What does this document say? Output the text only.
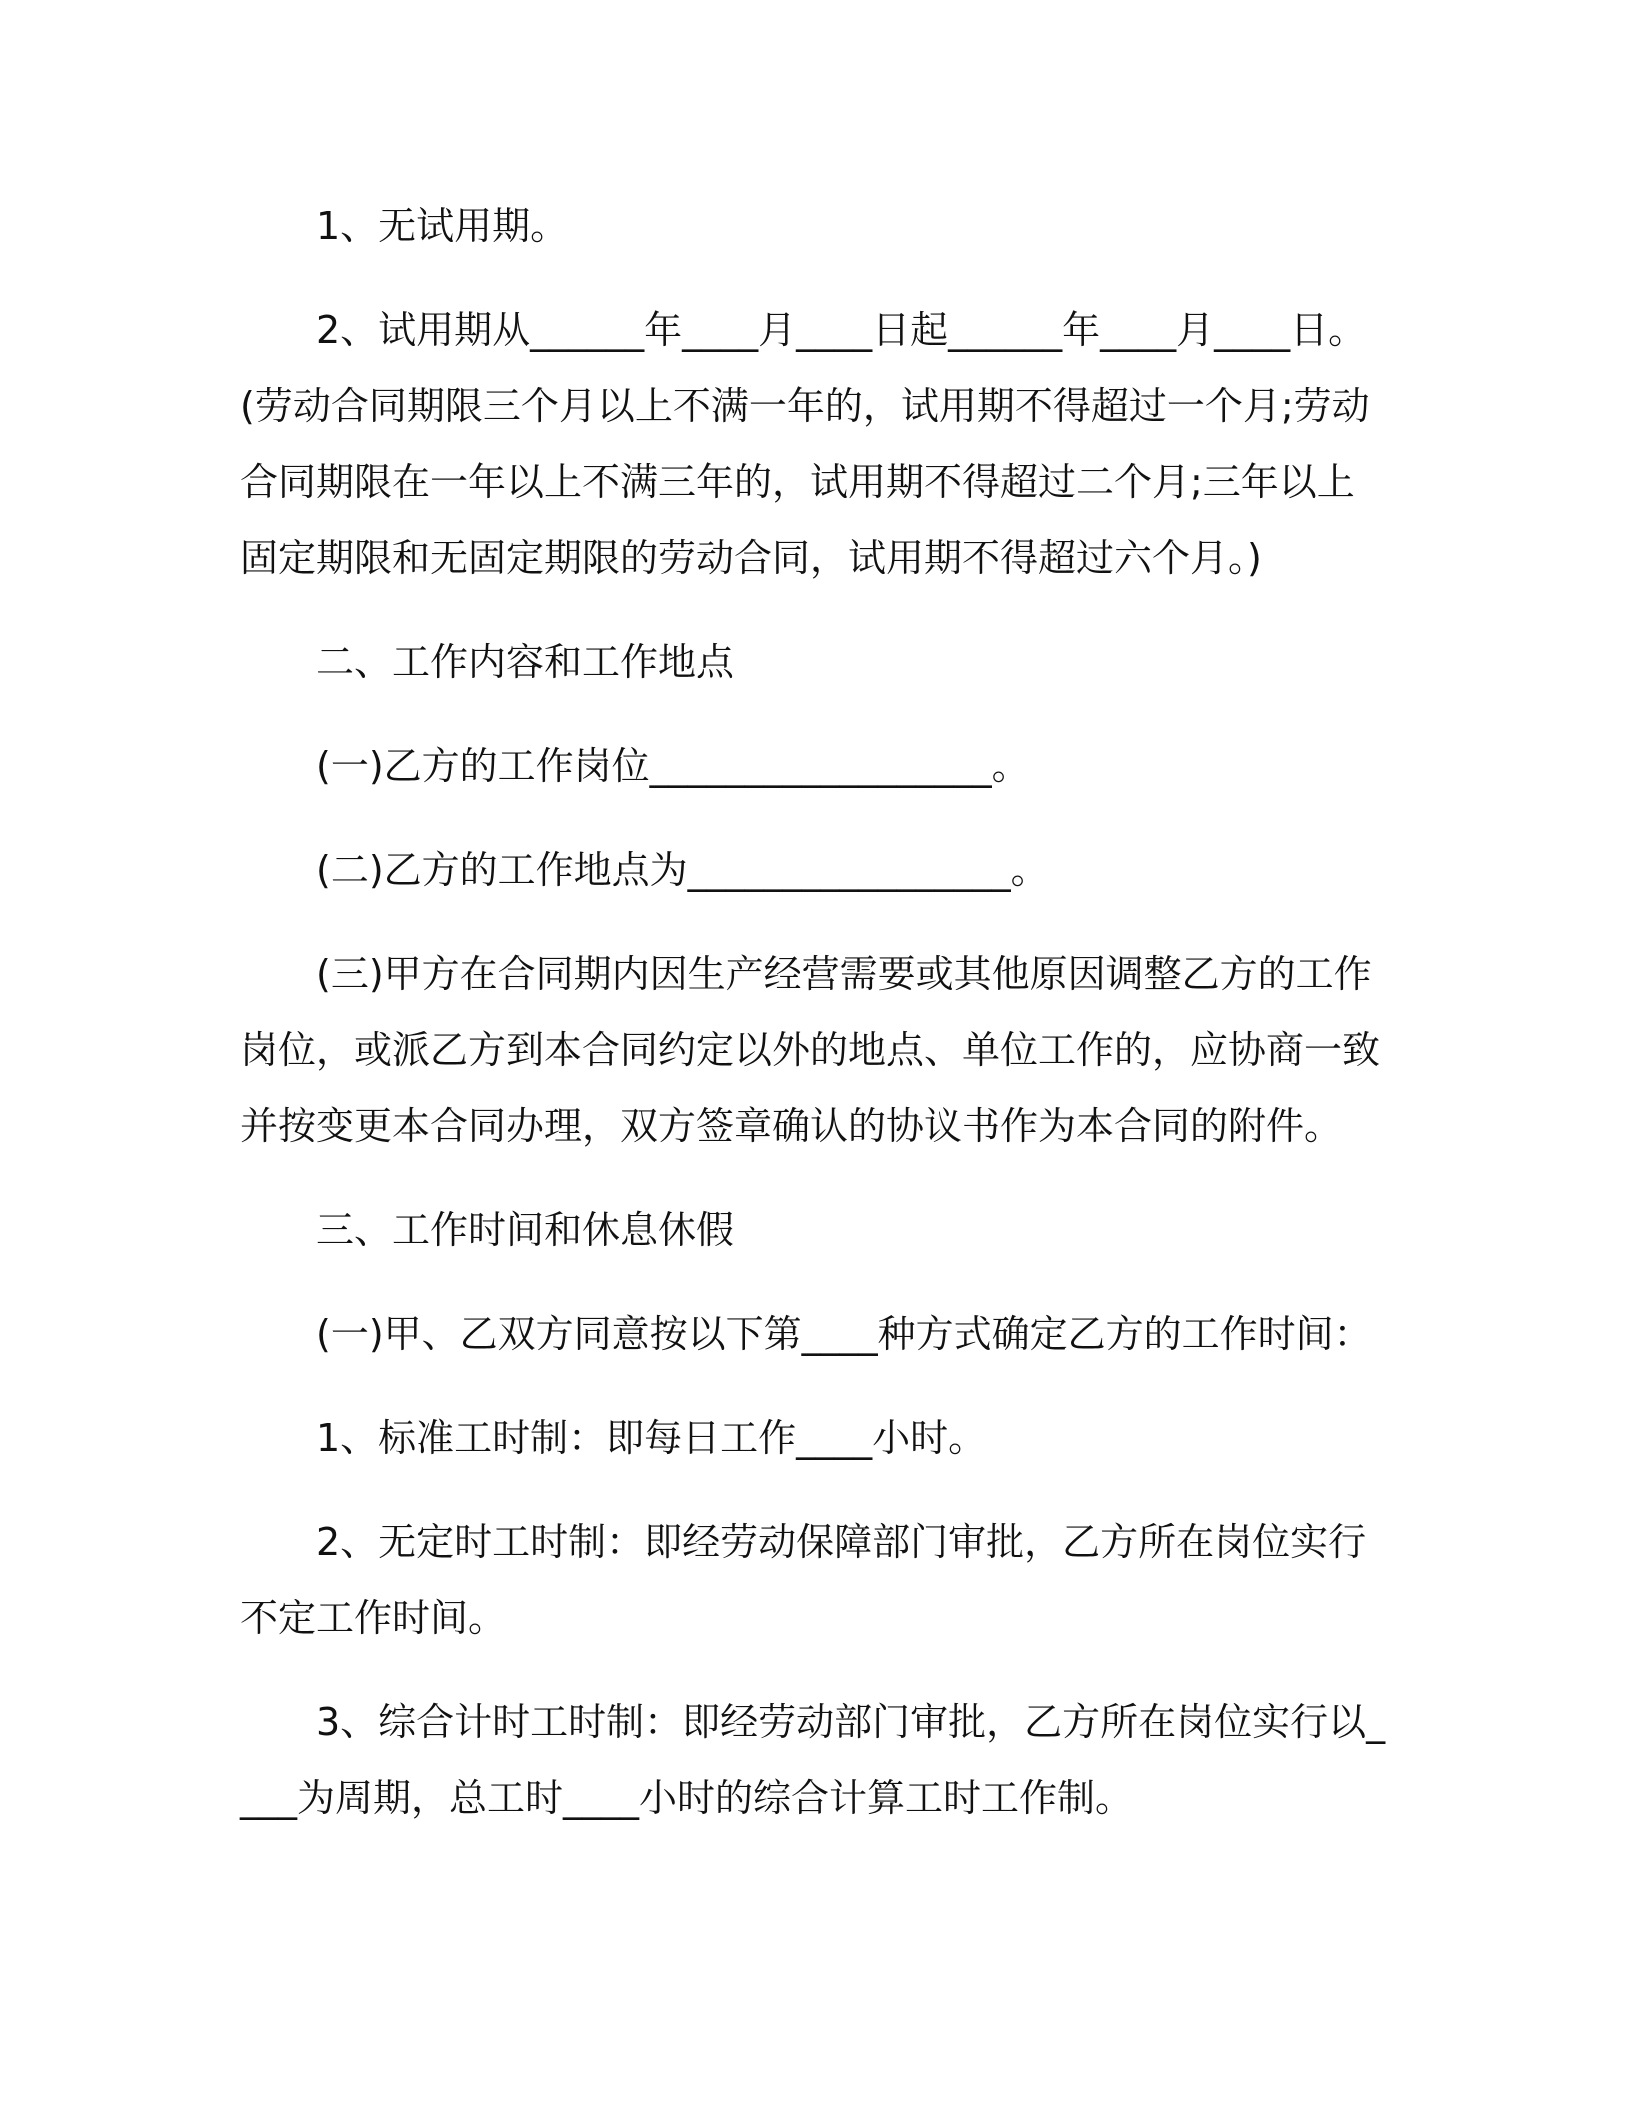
1、无试用期。

2、试用期从______年____月____日起______年____月____日。(劳动合同期限三个月以上不满一年的，试用期不得超过一个月;劳动合同期限在一年以上不满三年的，试用期不得超过二个月;三年以上固定期限和无固定期限的劳动合同，试用期不得超过六个月。)

二、工作内容和工作地点

(一)乙方的工作岗位__________________。

(二)乙方的工作地点为_________________。

(三)甲方在合同期内因生产经营需要或其他原因调整乙方的工作岗位，或派乙方到本合同约定以外的地点、单位工作的，应协商一致并按变更本合同办理，双方签章确认的协议书作为本合同的附件。

三、工作时间和休息休假

(一)甲、乙双方同意按以下第____种方式确定乙方的工作时间：

1、标准工时制：即每日工作____小时。

2、无定时工时制：即经劳动保障部门审批，乙方所在岗位实行不定工作时间。

3、综合计时工时制：即经劳动部门审批，乙方所在岗位实行以____为周期，总工时____小时的综合计算工时工作制。
